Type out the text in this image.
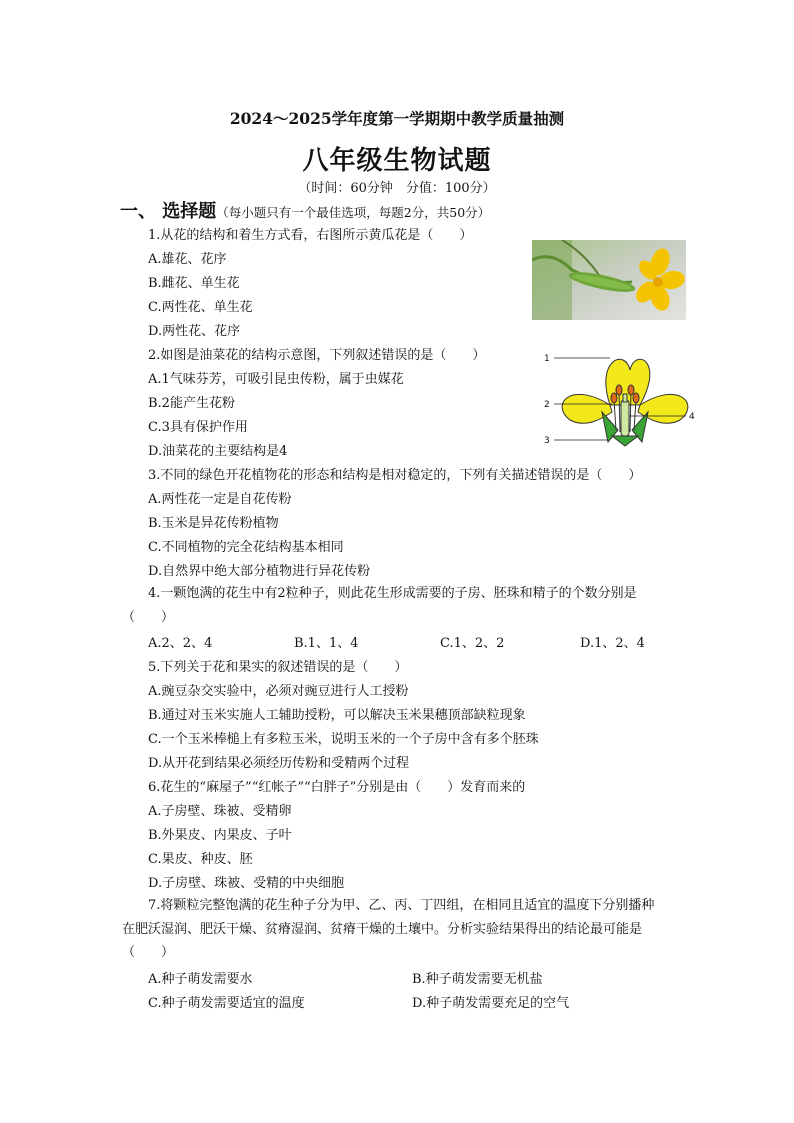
2024～2025学年度第一学期期中教学质量抽测
八年级生物试题
（时间：60分钟　分值：100分）
一、 选择题（每小题只有一个最佳选项，每题2分，共50分）
1.从花的结构和着生方式看，右图所示黄瓜花是（　　）
A.雄花、花序
B.雌花、单生花
C.两性花、单生花
D.两性花、花序
2.如图是油菜花的结构示意图，下列叙述错误的是（　　）
A.1气味芬芳，可吸引昆虫传粉，属于虫媒花
B.2能产生花粉
C.3具有保护作用
D.油菜花的主要结构是4
1
2
3
4
3.不同的绿色开花植物花的形态和结构是相对稳定的，下列有关描述错误的是（　　）
A.两性花一定是自花传粉
B.玉米是异花传粉植物
C.不同植物的完全花结构基本相同
D.自然界中绝大部分植物进行异花传粉
4.一颗饱满的花生中有2粒种子，则此花生形成需要的子房、胚珠和精子的个数分别是（　　）
A.2、2、4	B.1、1、4	C.1、2、2	D.1、2、4
5.下列关于花和果实的叙述错误的是（　　）
A.豌豆杂交实验中，必须对豌豆进行人工授粉
B.通过对玉米实施人工辅助授粉，可以解决玉米果穗顶部缺粒现象
C.一个玉米棒槌上有多粒玉米，说明玉米的一个子房中含有多个胚珠
D.从开花到结果必须经历传粉和受精两个过程
6.花生的“麻屋子”“红帐子”“白胖子”分别是由（　　）发育而来的
A.子房壁、珠被、受精卵
B.外果皮、内果皮、子叶
C.果皮、种皮、胚
D.子房壁、珠被、受精的中央细胞
7.将颗粒完整饱满的花生种子分为甲、乙、丙、丁四组，在相同且适宜的温度下分别播种在肥沃湿润、肥沃干燥、贫瘠湿润、贫瘠干燥的土壤中。分析实验结果得出的结论最可能是（　　）
A.种子萌发需要水	B.种子萌发需要无机盐
C.种子萌发需要适宜的温度	D.种子萌发需要充足的空气
